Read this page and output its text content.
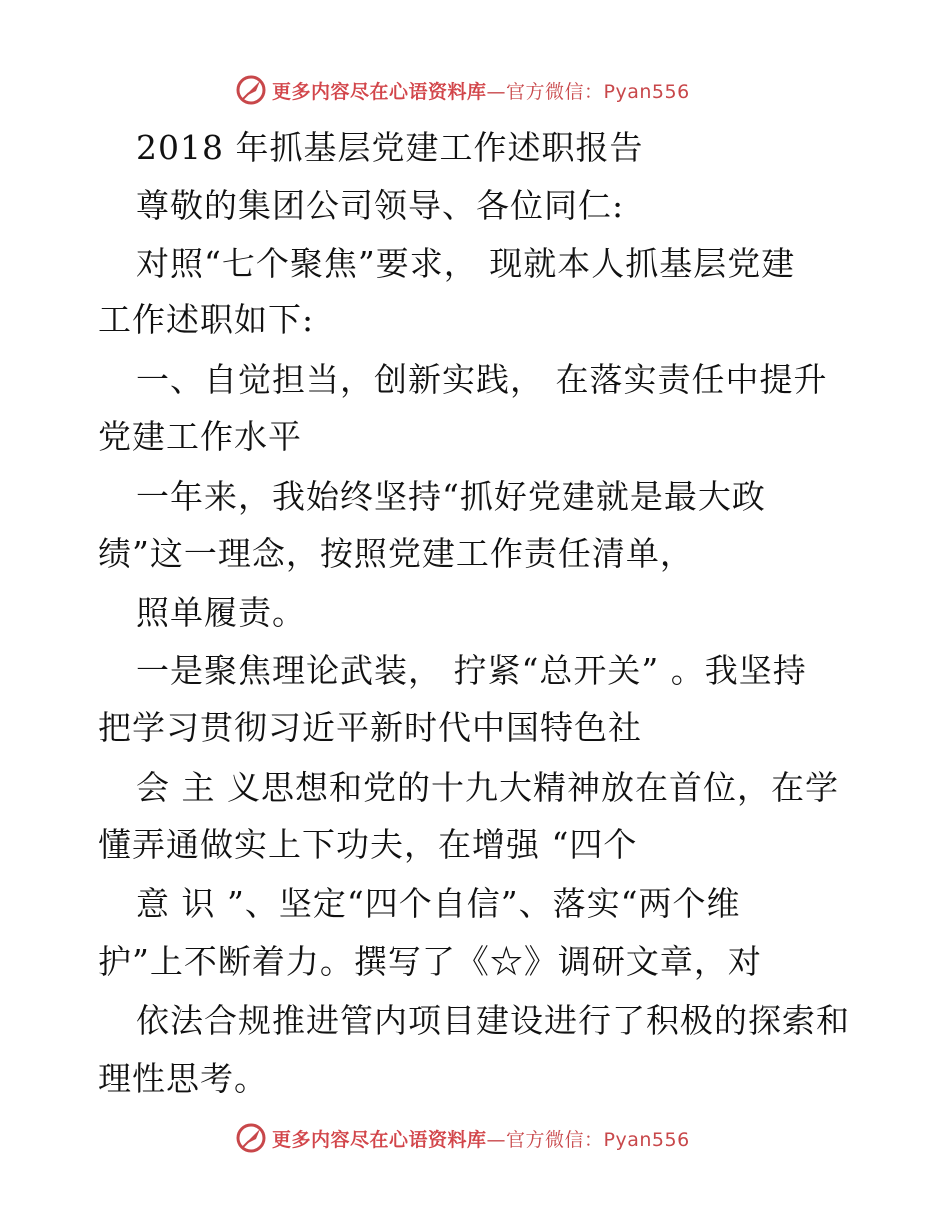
更多内容尽在心语资料库—官方微信：Pyan556
2018 年抓基层党建工作述职报告
尊敬的集团公司领导、各位同仁:
对照“七个聚焦”要求， 现就本人抓基层党建
工作述职如下:
一、自觉担当，创新实践， 在落实责任中提升
党建工作水平
一年来，我始终坚持“抓好党建就是最大政
绩”这一理念，按照党建工作责任清单，
照单履责。
一是聚焦理论武装， 拧紧“总开关” 。我坚持
把学习贯彻习近平新时代中国特色社
会 主 义思想和党的十九大精神放在首位，在学
懂弄通做实上下功夫，在增强 “四个
意 识 ”、坚定“四个自信”、落实“两个维
护”上不断着力。撰写了《☆》调研文章，对
依法合规推进管内项目建设进行了积极的探索和
理性思考。
更多内容尽在心语资料库—官方微信：Pyan556
